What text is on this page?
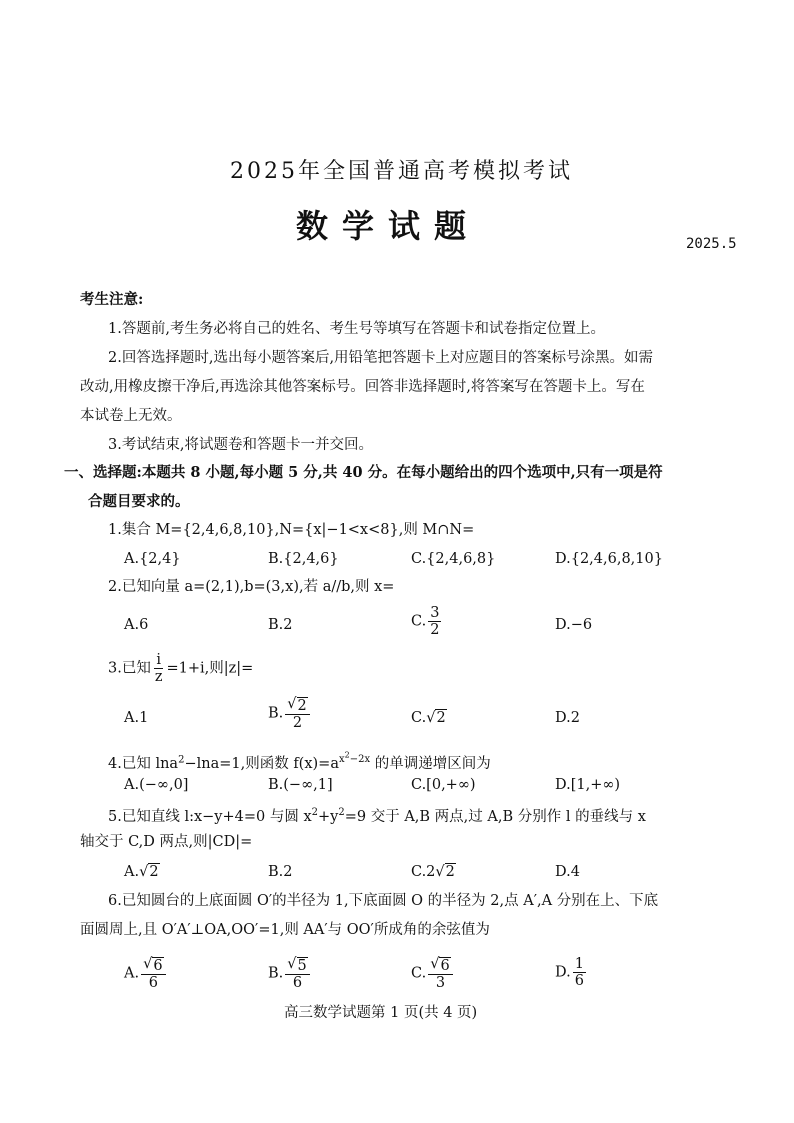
2025年全国普通高考模拟考试
数学试题	2025.5
考生注意:
1.答题前,考生务必将自己的姓名、考生号等填写在答题卡和试卷指定位置上。
2.回答选择题时,选出每小题答案后,用铅笔把答题卡上对应题目的答案标号涂黑。如需
改动,用橡皮擦干净后,再选涂其他答案标号。回答非选择题时,将答案写在答题卡上。写在
本试卷上无效。
3.考试结束,将试题卷和答题卡一并交回。
一、选择题:本题共 8 小题,每小题 5 分,共 40 分。在每小题给出的四个选项中,只有一项是符
合题目要求的。
1.集合 M={2,4,6,8,10},N={x|−1<x<8},则 M∩N=
A.{2,4}	B.{2,4,6}	C.{2,4,6,8}	D.{2,4,6,8,10}
2.已知向量 a=(2,1),b=(3,x),若 a//b,则 x=
A.6	B.2	C. $\frac{3}{2}$	D.−6
3.已知 $\frac{i}{z} =1+i$,则|z|=
A.1	B. $\frac{√ 2}{2}$	C.√ 2	D.2
4.已知 lna$^2$−lna=1,则函数 $f(x)=a^{x^2-2x}$ 的单调递增区间为
A.(−∞,0]	B.(−∞,1]	C.[0,+∞)	D.[1,+∞)
5.已知直线 l:x−y+4=0 与圆 $x^2+y^2=9$ 交于 A,B 两点,过 A,B 分别作 l 的垂线与 x
轴交于 C,D 两点,则|CD|=
A.√ 2	B.2	C.2√ 2	D.4
6.已知圆台的上底面圆 O′的半径为 1,下底面圆 O 的半径为 2,点 A′,A 分别在上、下底
面圆周上,且 O′A′⊥OA,OO′=1,则 AA′与 OO′所成角的余弦值为
A. $\frac{√ 6}{6}$	B. $\frac{√ 5}{6}$	C. $\frac{√ 6}{3}$	D. $\frac{1}{6}$
高三数学试题第 1 页(共 4 页)
